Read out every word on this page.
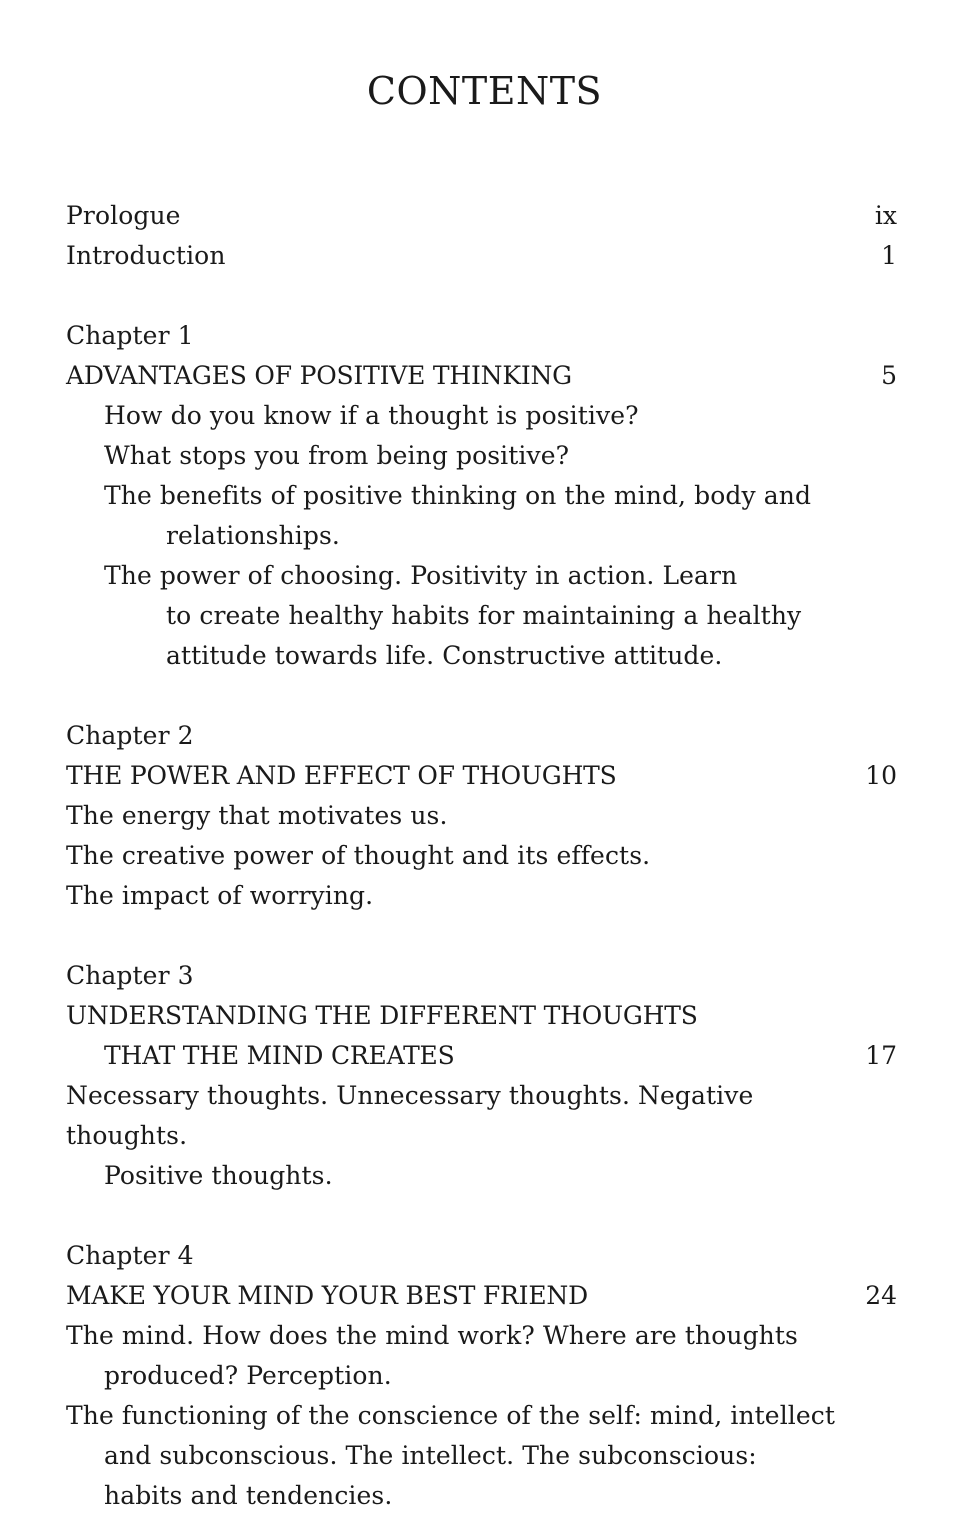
CONTENTS
Prologue	ix
Introduction	1
Chapter 1
ADVANTAGES OF POSITIVE THINKING	5
How do you know if a thought is positive?
What stops you from being positive?
The benefits of positive thinking on the mind, body and
relationships.
The power of choosing. Positivity in action. Learn
to create healthy habits for maintaining a healthy
attitude towards life. Constructive attitude.
Chapter 2
THE POWER AND EFFECT OF THOUGHTS	10
The energy that motivates us.
The creative power of thought and its effects.
The impact of worrying.
Chapter 3
UNDERSTANDING THE DIFFERENT THOUGHTS
THAT THE MIND CREATES	17
Necessary thoughts. Unnecessary thoughts. Negative
thoughts.
Positive thoughts.
Chapter 4
MAKE YOUR MIND YOUR BEST FRIEND	24
The mind. How does the mind work? Where are thoughts
produced? Perception.
The functioning of the conscience of the self: mind, intellect
and subconscious. The intellect. The subconscious:
habits and tendencies.
